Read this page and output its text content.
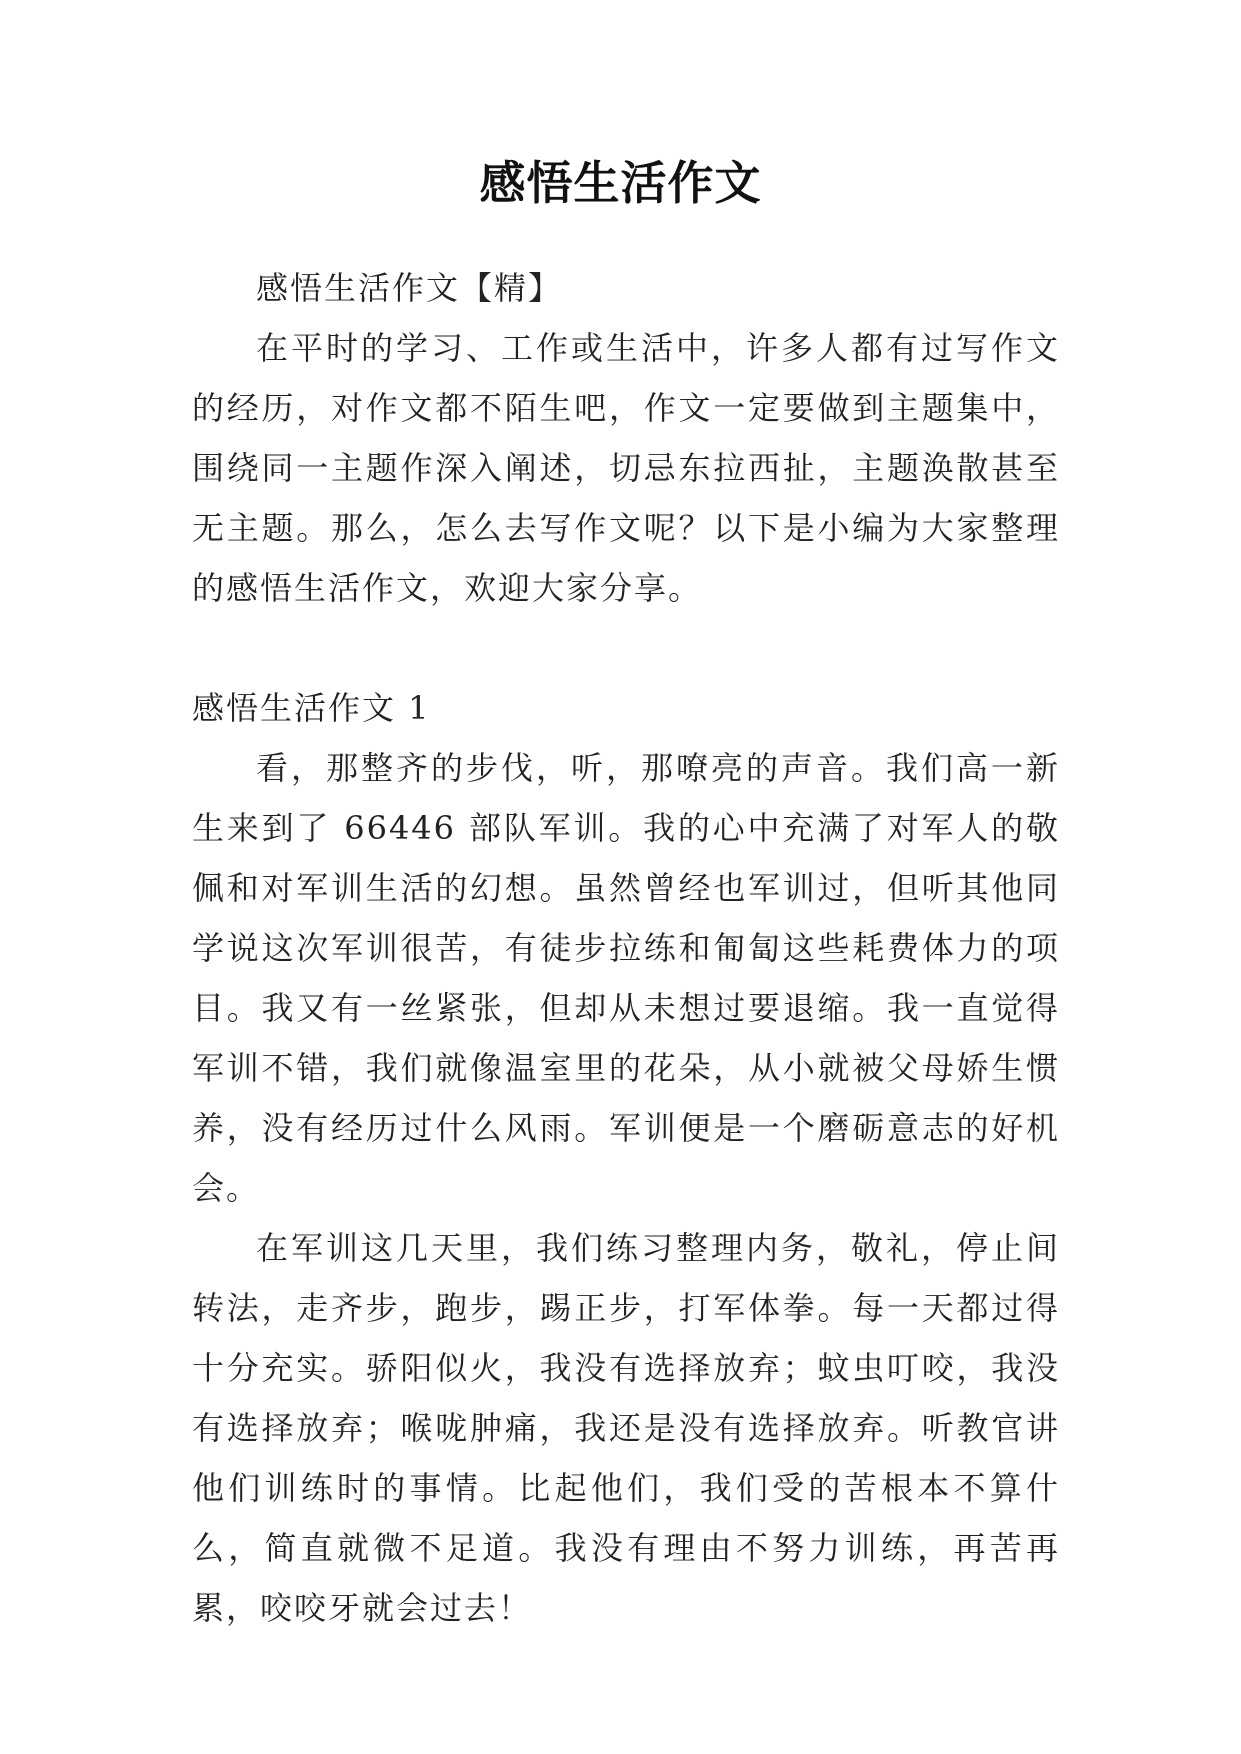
感悟生活作文

感悟生活作文【精】

在平时的学习、工作或生活中，许多人都有过写作文的经历，对作文都不陌生吧，作文一定要做到主题集中，围绕同一主题作深入阐述，切忌东拉西扯，主题涣散甚至无主题。那么，怎么去写作文呢？以下是小编为大家整理的感悟生活作文，欢迎大家分享。

感悟生活作文 1

看，那整齐的步伐，听，那嘹亮的声音。我们高一新生来到了 66446 部队军训。我的心中充满了对军人的敬佩和对军训生活的幻想。虽然曾经也军训过，但听其他同学说这次军训很苦，有徒步拉练和匍匐这些耗费体力的项目。我又有一丝紧张，但却从未想过要退缩。我一直觉得军训不错，我们就像温室里的花朵，从小就被父母娇生惯养，没有经历过什么风雨。军训便是一个磨砺意志的好机会。

在军训这几天里，我们练习整理内务，敬礼，停止间转法，走齐步，跑步，踢正步，打军体拳。每一天都过得十分充实。骄阳似火，我没有选择放弃；蚊虫叮咬，我没有选择放弃；喉咙肿痛，我还是没有选择放弃。听教官讲他们训练时的事情。比起他们，我们受的苦根本不算什么，简直就微不足道。我没有理由不努力训练，再苦再累，咬咬牙就会过去！
